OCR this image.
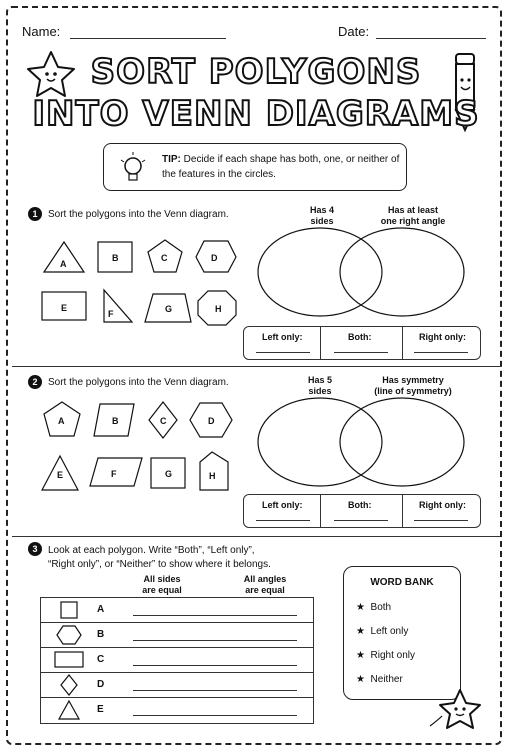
Name:	Date:
SORT POLYGONS
INTO VENN DIAGRAMS
TIP: Decide if each shape has both, one, or neither of the features in the circles.
1	Sort the polygons into the Venn diagram.
A
B	C	D
E
F	G	H
Has 4
sides
Has at least
one right angle
Left only:	Both:	Right only:
2	Sort the polygons into the Venn diagram.
A	B	C	D
E	F	G	H
Has 5
sides
Has symmetry
(line of symmetry)
Left only:	Both:	Right only:
3	Look at each polygon. Write “Both”, “Left only”,
“Right only”, or “Neither” to show where it belongs.
All sides
are equal
All angles
are equal
A
B
C
D
E
WORD BANK
★ Both
★ Left only
★ Right only
★ Neither
